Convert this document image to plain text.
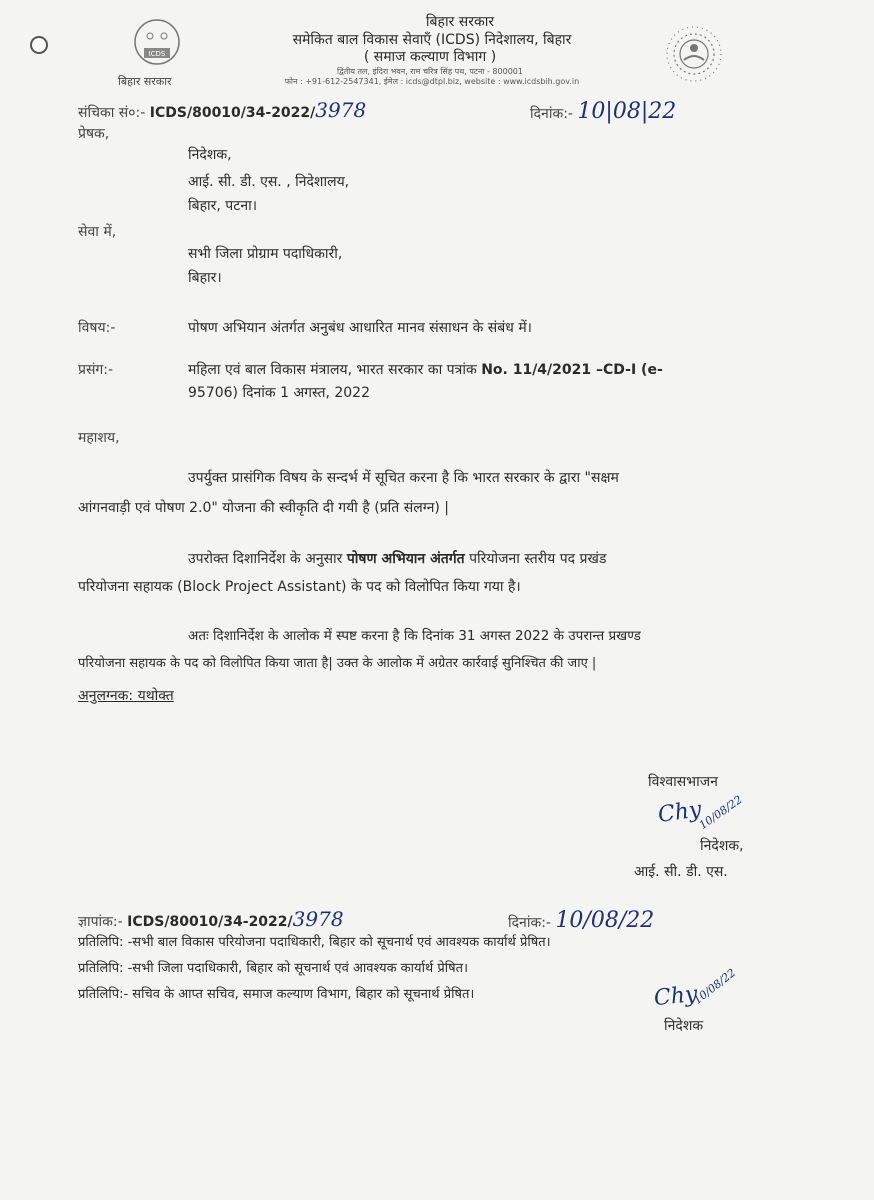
ICDS
बिहार सरकार
बिहार सरकार
समेकित बाल विकास सेवाएँ (ICDS) निदेशालय, बिहार
( समाज कल्याण विभाग )
द्वितीय तल, इंदिरा भवन, राम चरित्र सिंह पथ, पटना - 800001
फोन : +91-612-2547341, ईमेल : icds@dtpl.biz, website : www.icdsbih.gov.in
संचिका सं०:- ICDS/80010/34-2022/3978	दिनांक:- 10|08|22
प्रेषक,
निदेशक,
आई. सी. डी. एस. , निदेशालय,
बिहार, पटना।
सेवा में,
सभी जिला प्रोग्राम पदाधिकारी,
बिहार।
विषय:-	पोषण अभियान अंतर्गत अनुबंध आधारित मानव संसाधन के संबंध में।
प्रसंग:-	महिला एवं बाल विकास मंत्रालय, भारत सरकार का पत्रांक No. 11/4/2021 –CD-I (e-
95706) दिनांक 1 अगस्त, 2022
महाशय,
उपर्युक्त प्रासंगिक विषय के सन्दर्भ में सूचित करना है कि भारत सरकार के द्वारा "सक्षम
आंगनवाड़ी एवं पोषण 2.0" योजना की स्वीकृति दी गयी है (प्रति संलग्न) |
उपरोक्त दिशानिर्देश के अनुसार पोषण अभियान अंतर्गत परियोजना स्तरीय पद प्रखंड
परियोजना सहायक (Block Project Assistant) के पद को विलोपित किया गया है।
अतः दिशानिर्देश के आलोक में स्पष्ट करना है कि दिनांक 31 अगस्त 2022 के उपरान्त प्रखण्ड
परियोजना सहायक के पद को विलोपित किया जाता है| उक्त के आलोक में अग्रेतर कार्रवाई सुनिश्चित की जाए |
अनुलग्नक: यथोक्त
विश्वासभाजन
Chy
10/08/22
निदेशक,
आई. सी. डी. एस.
ज्ञापांक:- ICDS/80010/34-2022/3978	दिनांक:- 10/08/22
प्रतिलिपि: -सभी बाल विकास परियोजना पदाधिकारी, बिहार को सूचनार्थ एवं आवश्यक कार्यार्थ प्रेषित।
प्रतिलिपि: -सभी जिला पदाधिकारी, बिहार को सूचनार्थ एवं आवश्यक कार्यार्थ प्रेषित।
प्रतिलिपि:- सचिव के आप्त सचिव, समाज कल्याण विभाग, बिहार को सूचनार्थ प्रेषित।	Chy
10/08/22
निदेशक
